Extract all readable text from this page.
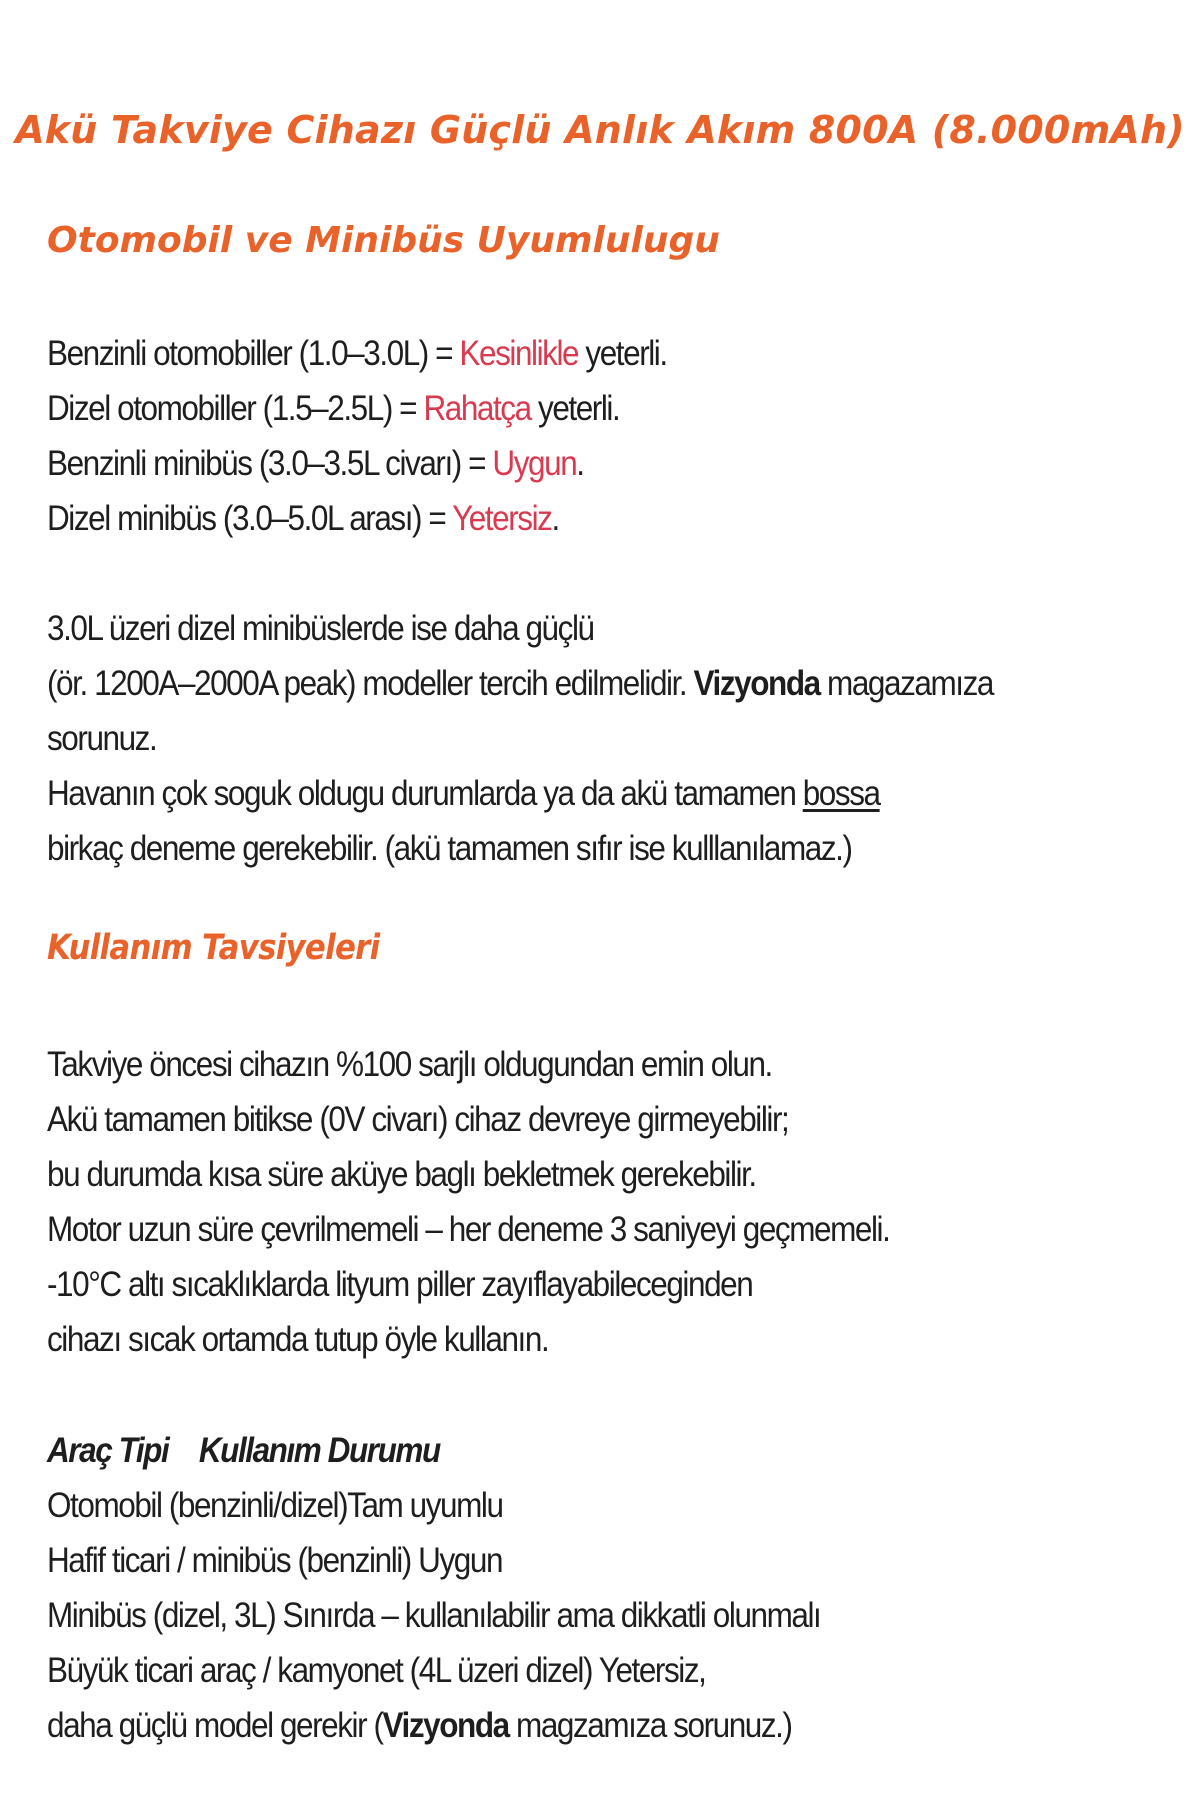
Akü Takviye Cihazı Güçlü Anlık Akım 800A (8.000mAh)
Otomobil ve Minibüs Uyumlulugu
Benzinli otomobiller (1.0–3.0L) = Kesinlikle yeterli.
Dizel otomobiller (1.5–2.5L) = Rahatça yeterli.
Benzinli minibüs (3.0–3.5L civarı) = Uygun.
Dizel minibüs (3.0–5.0L arası) = Yetersiz.
3.0L üzeri dizel minibüslerde ise daha güçlü
(ör. 1200A–2000A peak) modeller tercih edilmelidir. Vizyonda magazamıza
sorunuz.
Havanın çok soguk oldugu durumlarda ya da akü tamamen bossa
birkaç deneme gerekebilir. (akü tamamen sıfır ise kulllanılamaz.)
Kullanım Tavsiyeleri
Takviye öncesi cihazın %100 sarjlı oldugundan emin olun.
Akü tamamen bitikse (0V civarı) cihaz devreye girmeyebilir;
bu durumda kısa süre aküye baglı bekletmek gerekebilir.
Motor uzun süre çevrilmemeli – her deneme 3 saniyeyi geçmemeli.
-10°C altı sıcaklıklarda lityum piller zayıflayabileceginden
cihazı sıcak ortamda tutup öyle kullanın.
Araç Tipi Kullanım Durumu
Otomobil (benzinli/dizel)Tam uyumlu
Hafif ticari / minibüs (benzinli) Uygun
Minibüs (dizel, 3L) Sınırda – kullanılabilir ama dikkatli olunmalı
Büyük ticari araç / kamyonet (4L üzeri dizel) Yetersiz,
daha güçlü model gerekir (Vizyonda magzamıza sorunuz.)
